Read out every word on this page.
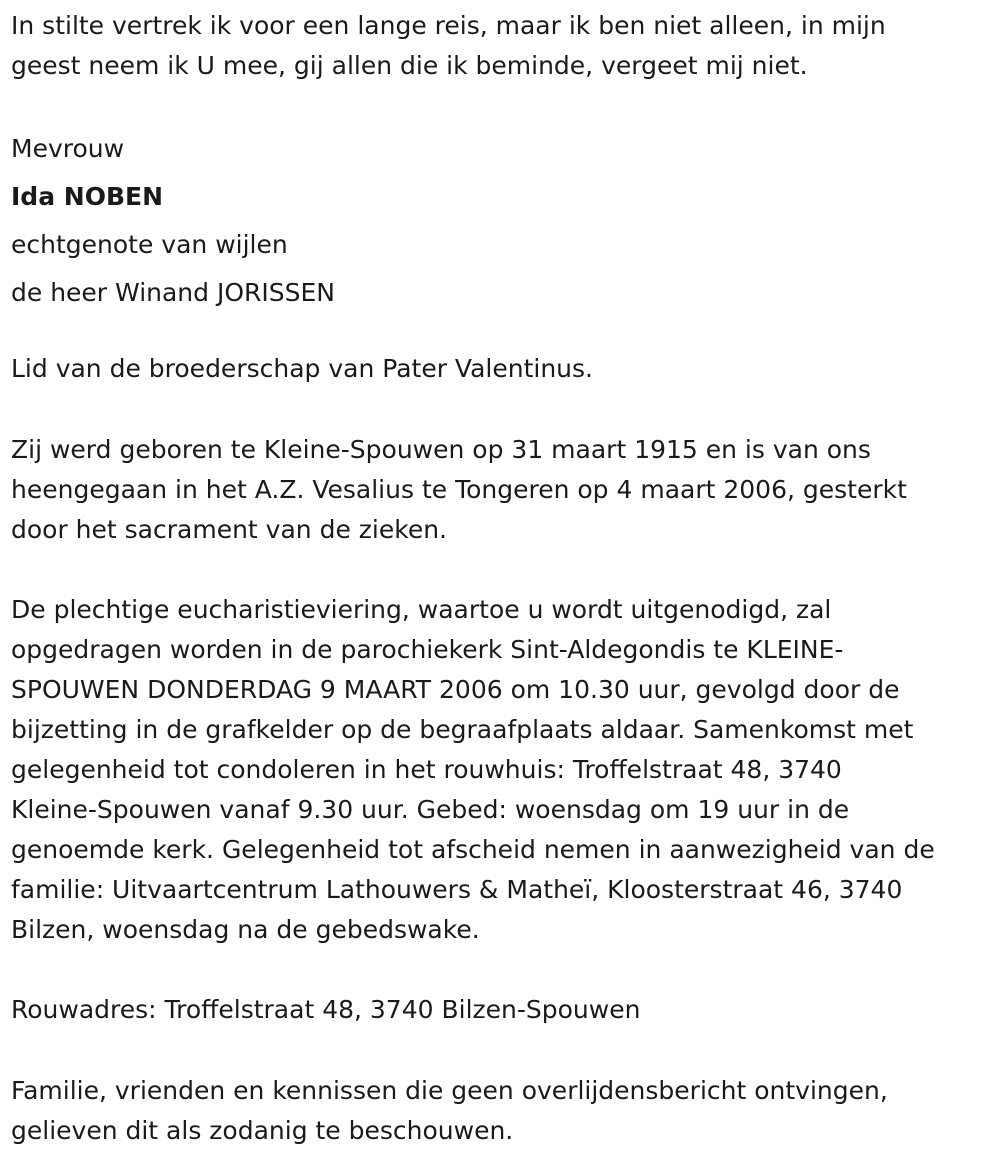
In stilte vertrek ik voor een lange reis, maar ik ben niet alleen, in mijn
geest neem ik U mee, gij allen die ik beminde, vergeet mij niet.

Mevrouw
Ida NOBEN
echtgenote van wijlen
de heer Winand JORISSEN

Lid van de broederschap van Pater Valentinus.

Zij werd geboren te Kleine-Spouwen op 31 maart 1915 en is van ons
heengegaan in het A.Z. Vesalius te Tongeren op 4 maart 2006, gesterkt
door het sacrament van de zieken.

De plechtige eucharistieviering, waartoe u wordt uitgenodigd, zal
opgedragen worden in de parochiekerk Sint-Aldegondis te KLEINE-
SPOUWEN DONDERDAG 9 MAART 2006 om 10.30 uur, gevolgd door de
bijzetting in de grafkelder op de begraafplaats aldaar. Samenkomst met
gelegenheid tot condoleren in het rouwhuis: Troffelstraat 48, 3740
Kleine-Spouwen vanaf 9.30 uur. Gebed: woensdag om 19 uur in de
genoemde kerk. Gelegenheid tot afscheid nemen in aanwezigheid van de
familie: Uitvaartcentrum Lathouwers & Matheï, Kloosterstraat 46, 3740
Bilzen, woensdag na de gebedswake.

Rouwadres: Troffelstraat 48, 3740 Bilzen-Spouwen

Familie, vrienden en kennissen die geen overlijdensbericht ontvingen,
gelieven dit als zodanig te beschouwen.
